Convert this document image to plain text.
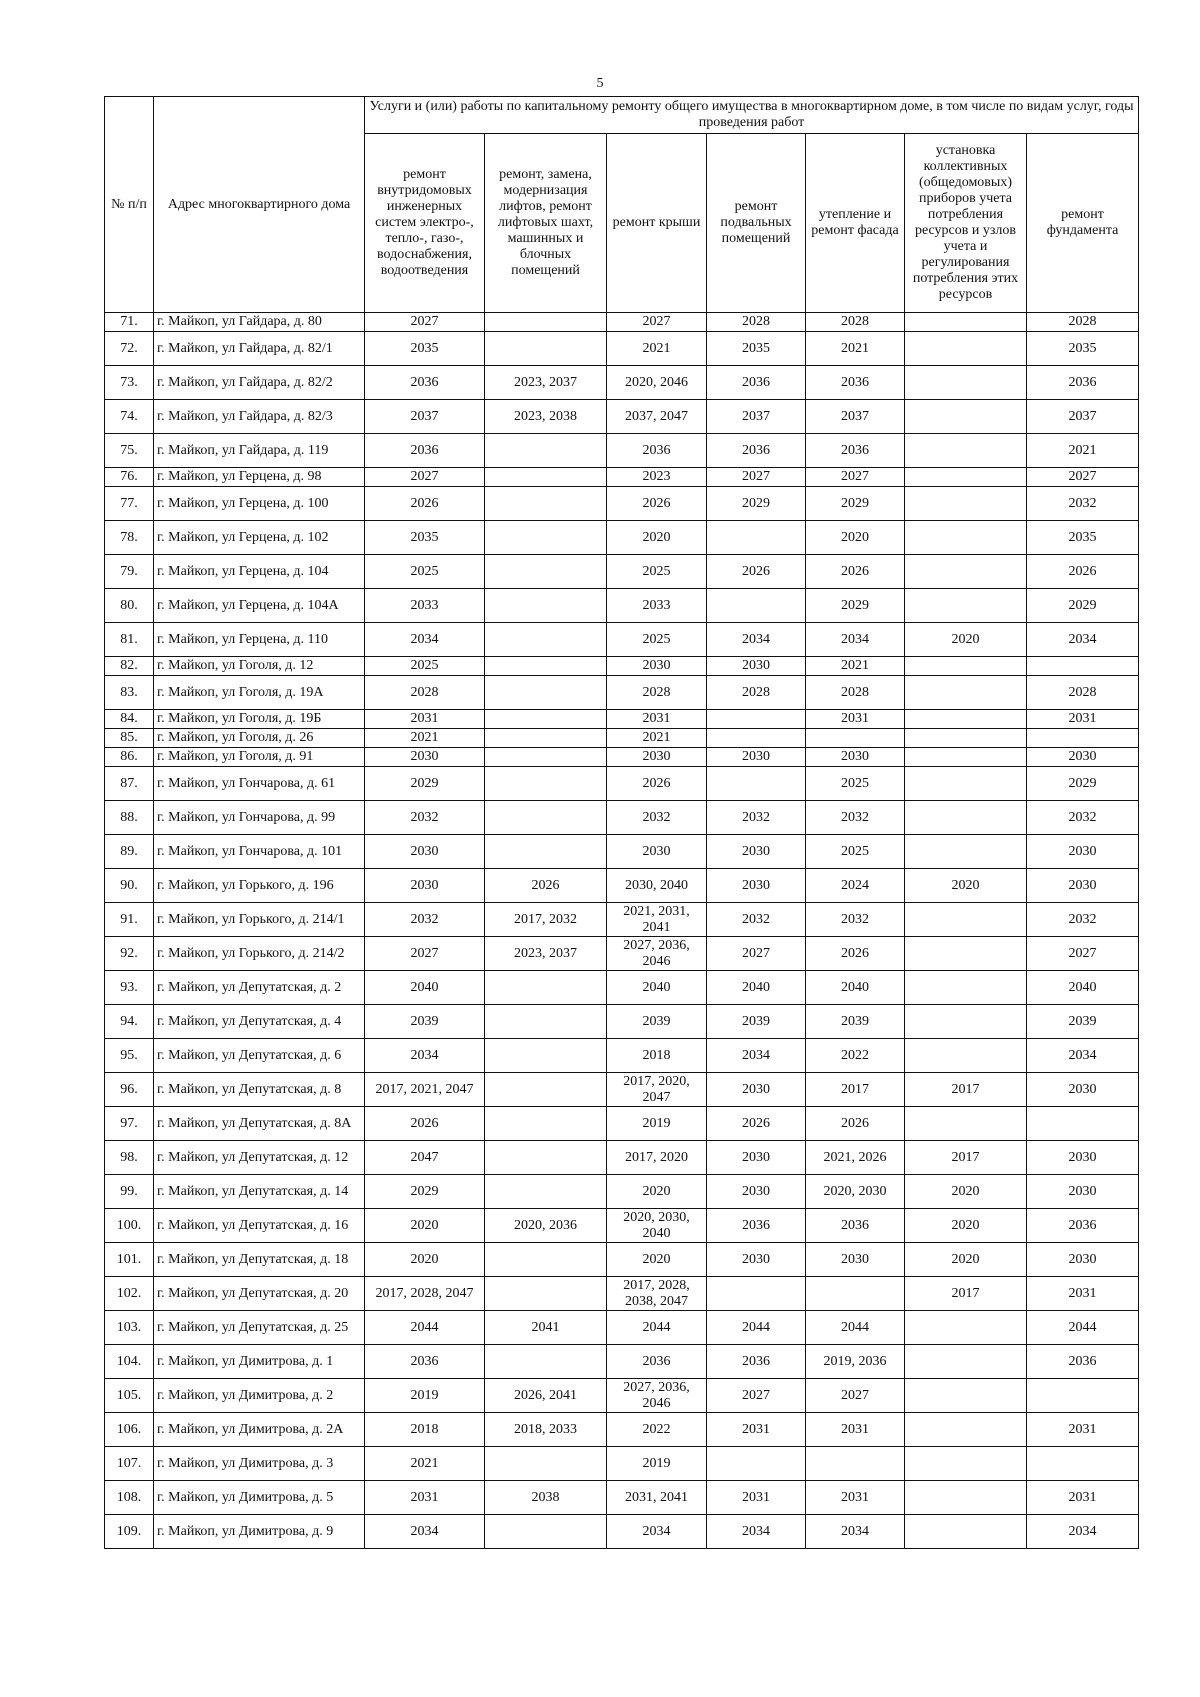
5
№ п/п	Адрес многоквартирного дома	Услуги и (или) работы по капитальному ремонту общего имущества в многоквартирном доме, в том числе по видам услуг, годы проведения работ						
		ремонт внутридомовых инженерных систем электро-, тепло-, газо-, водоснабжения, водоотведения	ремонт, замена, модернизация лифтов, ремонт лифтовых шахт, машинных и блочных помещений	ремонт крыши	ремонт подвальных помещений	утепление и ремонт фасада	установка коллективных (общедомовых) приборов учета потребления ресурсов и узлов учета и регулирования потребления этих ресурсов	ремонт фундамента
71.	г. Майкоп, ул Гайдара, д. 80	2027		2027	2028	2028		2028
72.	г. Майкоп, ул Гайдара, д. 82/1	2035		2021	2035	2021		2035
73.	г. Майкоп, ул Гайдара, д. 82/2	2036	2023, 2037	2020, 2046	2036	2036		2036
74.	г. Майкоп, ул Гайдара, д. 82/3	2037	2023, 2038	2037, 2047	2037	2037		2037
75.	г. Майкоп, ул Гайдара, д. 119	2036		2036	2036	2036		2021
76.	г. Майкоп, ул Герцена, д. 98	2027		2023	2027	2027		2027
77.	г. Майкоп, ул Герцена, д. 100	2026		2026	2029	2029		2032
78.	г. Майкоп, ул Герцена, д. 102	2035		2020		2020		2035
79.	г. Майкоп, ул Герцена, д. 104	2025		2025	2026	2026		2026
80.	г. Майкоп, ул Герцена, д. 104А	2033		2033		2029		2029
81.	г. Майкоп, ул Герцена, д. 110	2034		2025	2034	2034	2020	2034
82.	г. Майкоп, ул Гоголя, д. 12	2025		2030	2030	2021		
83.	г. Майкоп, ул Гоголя, д. 19А	2028		2028	2028	2028		2028
84.	г. Майкоп, ул Гоголя, д. 19Б	2031		2031		2031		2031
85.	г. Майкоп, ул Гоголя, д. 26	2021		2021				
86.	г. Майкоп, ул Гоголя, д. 91	2030		2030	2030	2030		2030
87.	г. Майкоп, ул Гончарова, д. 61	2029		2026		2025		2029
88.	г. Майкоп, ул Гончарова, д. 99	2032		2032	2032	2032		2032
89.	г. Майкоп, ул Гончарова, д. 101	2030		2030	2030	2025		2030
90.	г. Майкоп, ул Горького, д. 196	2030	2026	2030, 2040	2030	2024	2020	2030
91.	г. Майкоп, ул Горького, д. 214/1	2032	2017, 2032	2021, 2031, 2041	2032	2032		2032
92.	г. Майкоп, ул Горького, д. 214/2	2027	2023, 2037	2027, 2036, 2046	2027	2026		2027
93.	г. Майкоп, ул Депутатская, д. 2	2040		2040	2040	2040		2040
94.	г. Майкоп, ул Депутатская, д. 4	2039		2039	2039	2039		2039
95.	г. Майкоп, ул Депутатская, д. 6	2034		2018	2034	2022		2034
96.	г. Майкоп, ул Депутатская, д. 8	2017, 2021, 2047		2017, 2020, 2047	2030	2017	2017	2030
97.	г. Майкоп, ул Депутатская, д. 8А	2026		2019	2026	2026		
98.	г. Майкоп, ул Депутатская, д. 12	2047		2017, 2020	2030	2021, 2026	2017	2030
99.	г. Майкоп, ул Депутатская, д. 14	2029		2020	2030	2020, 2030	2020	2030
100.	г. Майкоп, ул Депутатская, д. 16	2020	2020, 2036	2020, 2030, 2040	2036	2036	2020	2036
101.	г. Майкоп, ул Депутатская, д. 18	2020		2020	2030	2030	2020	2030
102.	г. Майкоп, ул Депутатская, д. 20	2017, 2028, 2047		2017, 2028, 2038, 2047			2017	2031
103.	г. Майкоп, ул Депутатская, д. 25	2044	2041	2044	2044	2044		2044
104.	г. Майкоп, ул Димитрова, д. 1	2036		2036	2036	2019, 2036		2036
105.	г. Майкоп, ул Димитрова, д. 2	2019	2026, 2041	2027, 2036, 2046	2027	2027		
106.	г. Майкоп, ул Димитрова, д. 2А	2018	2018, 2033	2022	2031	2031		2031
107.	г. Майкоп, ул Димитрова, д. 3	2021		2019				
108.	г. Майкоп, ул Димитрова, д. 5	2031	2038	2031, 2041	2031	2031		2031
109.	г. Майкоп, ул Димитрова, д. 9	2034		2034	2034	2034		2034
